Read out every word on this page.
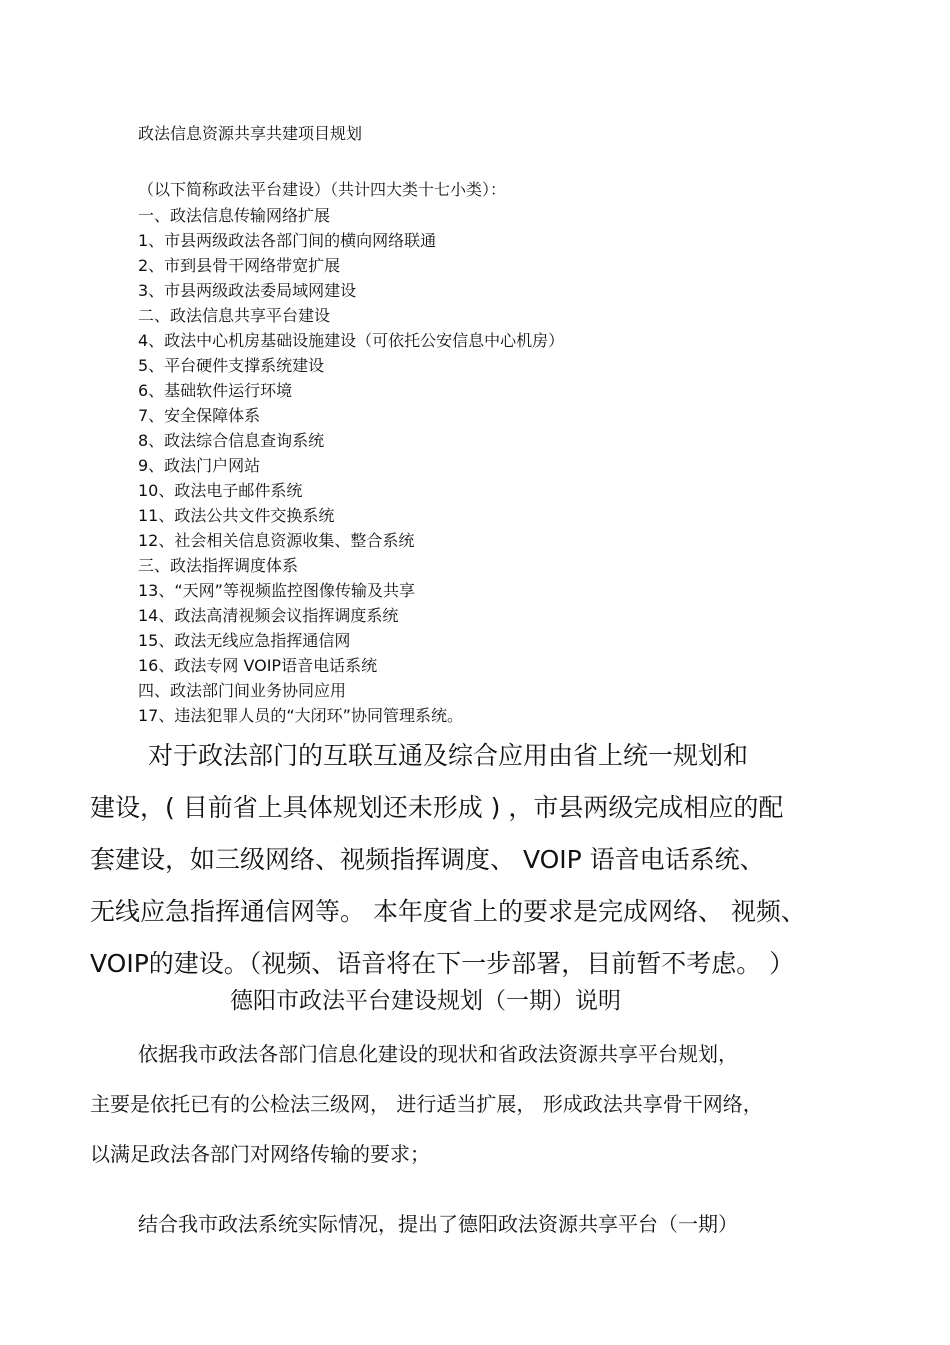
政法信息资源共享共建项目规划
（以下简称政法平台建设）（共计四大类十七小类）：
一、政法信息传输网络扩展
1、市县两级政法各部门间的横向网络联通
2、市到县骨干网络带宽扩展
3、市县两级政法委局域网建设
二、政法信息共享平台建设
4、政法中心机房基础设施建设（可依托公安信息中心机房）
5、平台硬件支撑系统建设
6、基础软件运行环境
7、安全保障体系
8、政法综合信息查询系统
9、政法门户网站
10、政法电子邮件系统
11、政法公共文件交换系统
12、社会相关信息资源收集、整合系统
三、政法指挥调度体系
13、“天网”等视频监控图像传输及共享
14、政法高清视频会议指挥调度系统
15、政法无线应急指挥通信网
16、政法专网 VOIP语音电话系统
四、政法部门间业务协同应用
17、违法犯罪人员的“大闭环”协同管理系统。
对于政法部门的互联互通及综合应用由省上统一规划和
建设，( 目前省上具体规划还未形成 ) ，市县两级完成相应的配
套建设，如三级网络、视频指挥调度、 VOIP 语音电话系统、
无线应急指挥通信网等。 本年度省上的要求是完成网络、 视频、
VOIP的建设。（视频、语音将在下一步部署，目前暂不考虑。 ）
德阳市政法平台建设规划（一期）说明
依据我市政法各部门信息化建设的现状和省政法资源共享平台规划，
主要是依托已有的公检法三级网， 进行适当扩展， 形成政法共享骨干网络，
以满足政法各部门对网络传输的要求；
结合我市政法系统实际情况，提出了德阳政法资源共享平台（一期）
